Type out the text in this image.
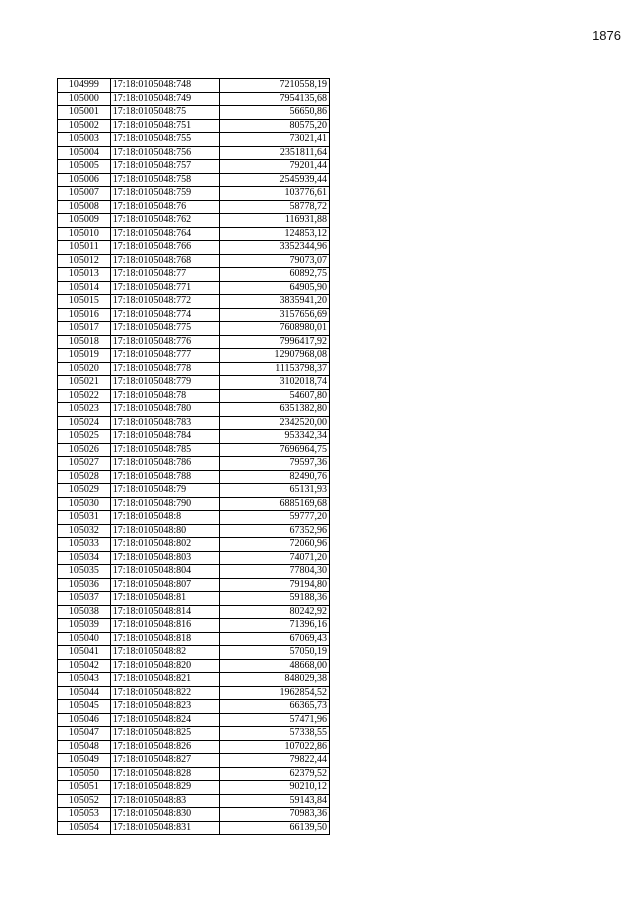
1876
104999	17:18:0105048:748	7210558,19
105000	17:18:0105048:749	7954135,68
105001	17:18:0105048:75	56650,86
105002	17:18:0105048:751	80575,20
105003	17:18:0105048:755	73021,41
105004	17:18:0105048:756	2351811,64
105005	17:18:0105048:757	79201,44
105006	17:18:0105048:758	2545939,44
105007	17:18:0105048:759	103776,61
105008	17:18:0105048:76	58778,72
105009	17:18:0105048:762	116931,88
105010	17:18:0105048:764	124853,12
105011	17:18:0105048:766	3352344,96
105012	17:18:0105048:768	79073,07
105013	17:18:0105048:77	60892,75
105014	17:18:0105048:771	64905,90
105015	17:18:0105048:772	3835941,20
105016	17:18:0105048:774	3157656,69
105017	17:18:0105048:775	7608980,01
105018	17:18:0105048:776	7996417,92
105019	17:18:0105048:777	12907968,08
105020	17:18:0105048:778	11153798,37
105021	17:18:0105048:779	3102018,74
105022	17:18:0105048:78	54607,80
105023	17:18:0105048:780	6351382,80
105024	17:18:0105048:783	2342520,00
105025	17:18:0105048:784	953342,34
105026	17:18:0105048:785	7696964,75
105027	17:18:0105048:786	79597,36
105028	17:18:0105048:788	82490,76
105029	17:18:0105048:79	65131,93
105030	17:18:0105048:790	6885169,68
105031	17:18:0105048:8	59777,20
105032	17:18:0105048:80	67352,96
105033	17:18:0105048:802	72060,96
105034	17:18:0105048:803	74071,20
105035	17:18:0105048:804	77804,30
105036	17:18:0105048:807	79194,80
105037	17:18:0105048:81	59188,36
105038	17:18:0105048:814	80242,92
105039	17:18:0105048:816	71396,16
105040	17:18:0105048:818	67069,43
105041	17:18:0105048:82	57050,19
105042	17:18:0105048:820	48668,00
105043	17:18:0105048:821	848029,38
105044	17:18:0105048:822	1962854,52
105045	17:18:0105048:823	66365,73
105046	17:18:0105048:824	57471,96
105047	17:18:0105048:825	57338,55
105048	17:18:0105048:826	107022,86
105049	17:18:0105048:827	79822,44
105050	17:18:0105048:828	62379,52
105051	17:18:0105048:829	90210,12
105052	17:18:0105048:83	59143,84
105053	17:18:0105048:830	70983,36
105054	17:18:0105048:831	66139,50
